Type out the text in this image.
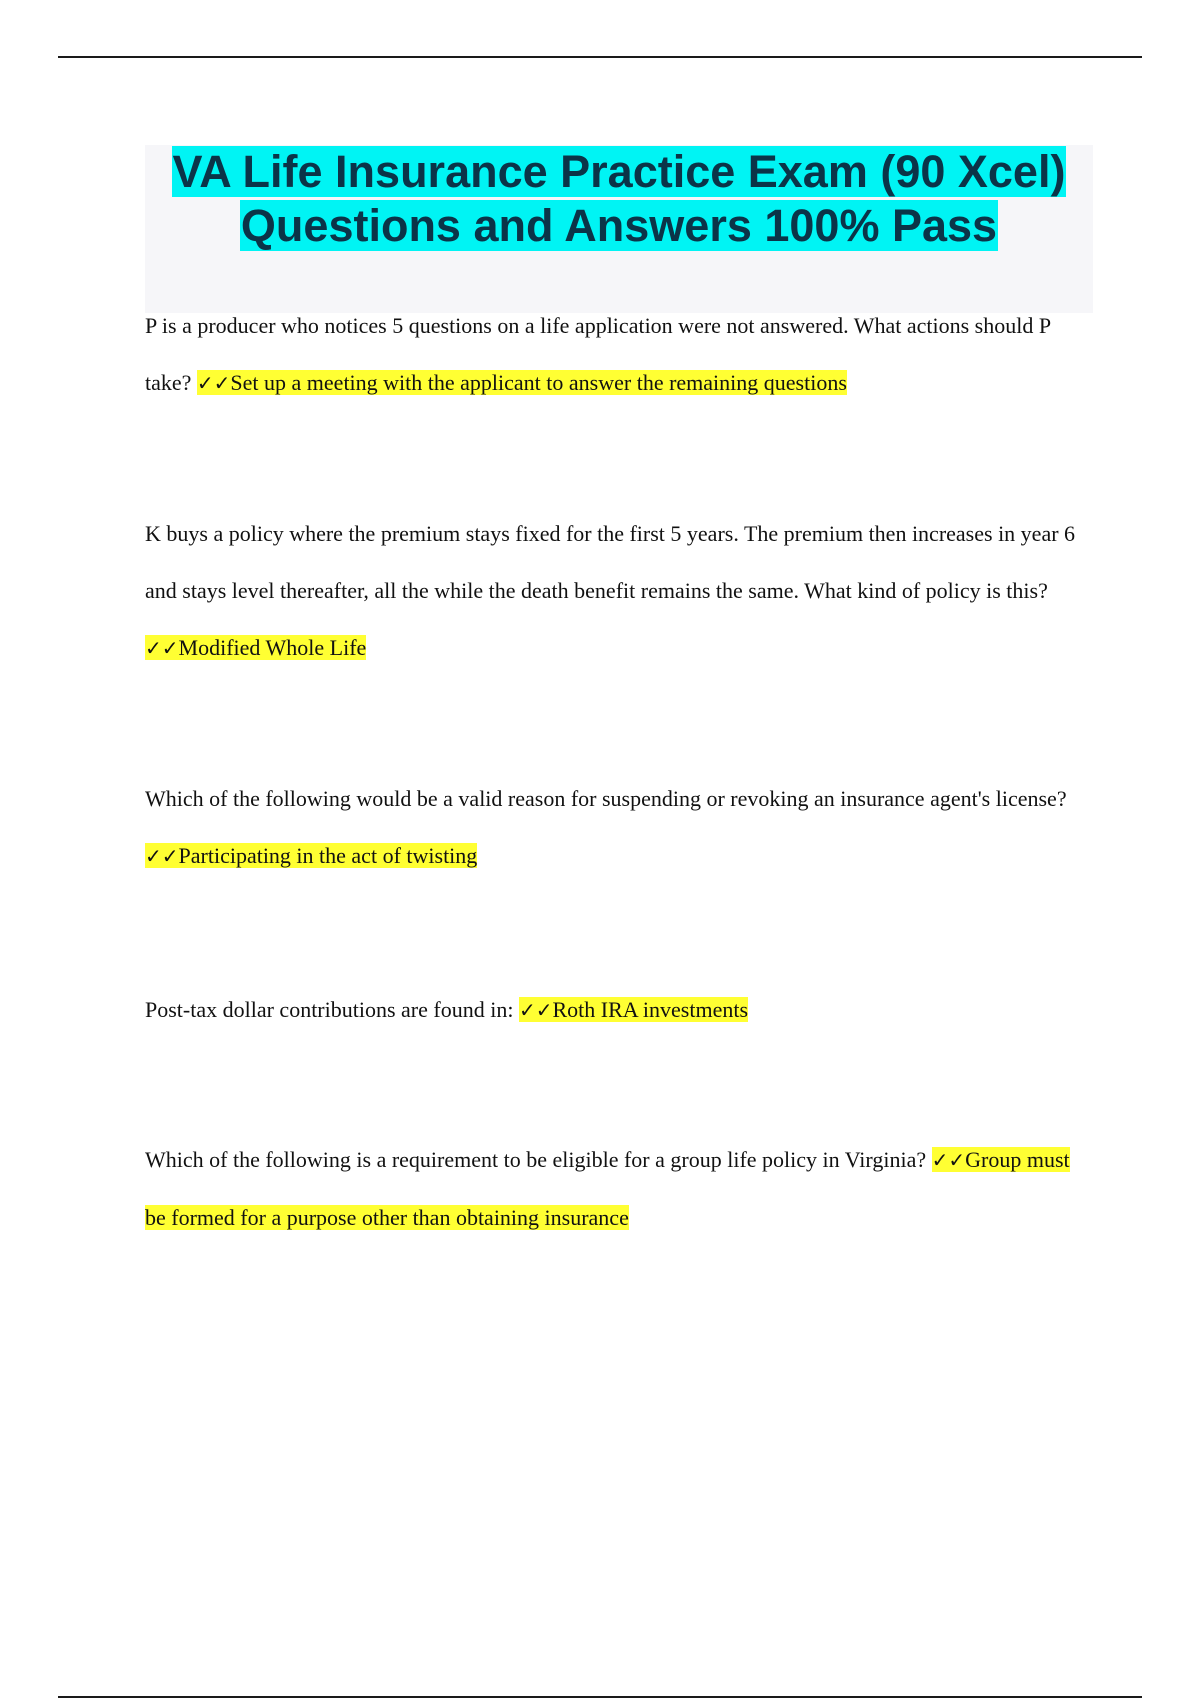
VA Life Insurance Practice Exam (90 Xcel) Questions and Answers 100% Pass

P is a producer who notices 5 questions on a life application were not answered. What actions should P take? ✓✓Set up a meeting with the applicant to answer the remaining questions

K buys a policy where the premium stays fixed for the first 5 years. The premium then increases in year 6 and stays level thereafter, all the while the death benefit remains the same. What kind of policy is this? ✓✓Modified Whole Life

Which of the following would be a valid reason for suspending or revoking an insurance agent's license? ✓✓Participating in the act of twisting

Post-tax dollar contributions are found in: ✓✓Roth IRA investments

Which of the following is a requirement to be eligible for a group life policy in Virginia? ✓✓Group must be formed for a purpose other than obtaining insurance
